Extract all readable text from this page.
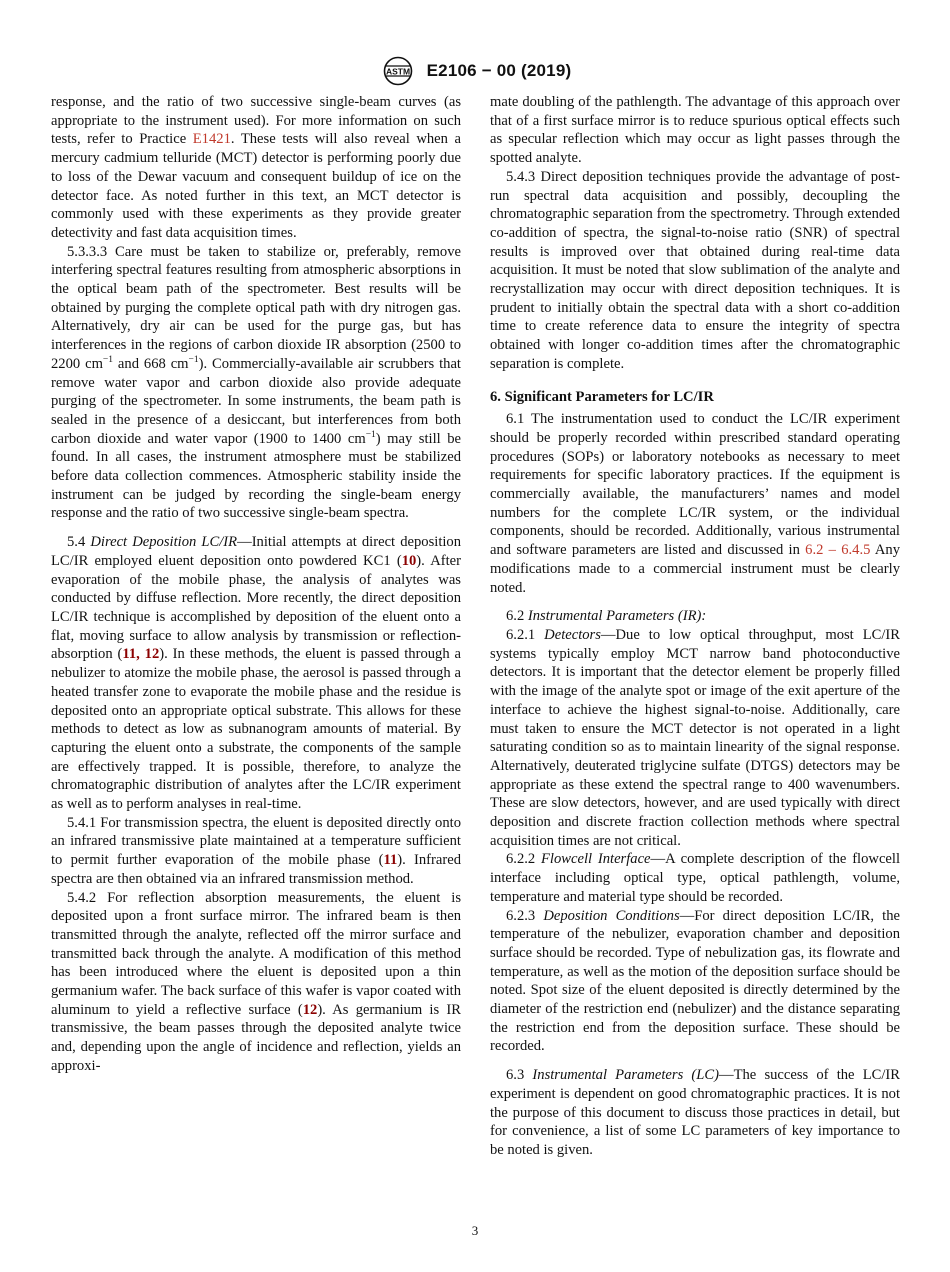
ASTM E2106 − 00 (2019)

response, and the ratio of two successive single-beam curves (as appropriate to the instrument used). For more information on such tests, refer to Practice E1421. These tests will also reveal when a mercury cadmium telluride (MCT) detector is performing poorly due to loss of the Dewar vacuum and consequent buildup of ice on the detector face. As noted further in this text, an MCT detector is commonly used with these experiments as they provide greater detectivity and fast data acquisition times.

5.3.3.3 Care must be taken to stabilize or, preferably, remove interfering spectral features resulting from atmospheric absorptions in the optical beam path of the spectrometer. Best results will be obtained by purging the complete optical path with dry nitrogen gas. Alternatively, dry air can be used for the purge gas, but has interferences in the regions of carbon dioxide IR absorption (2500 to 2200 $cm^{-1}$ and 668 $cm^{-1}$). Commercially-available air scrubbers that remove water vapor and carbon dioxide also provide adequate purging of the spectrometer. In some instruments, the beam path is sealed in the presence of a desiccant, but interferences from both carbon dioxide and water vapor (1900 to 1400 $cm^{-1}$) may still be found. In all cases, the instrument atmosphere must be stabilized before data collection commences. Atmospheric stability inside the instrument can be judged by recording the single-beam energy response and the ratio of two successive single-beam spectra.

5.4 Direct Deposition LC/IR—Initial attempts at direct deposition LC/IR employed eluent deposition onto powdered KC1 (10). After evaporation of the mobile phase, the analysis of analytes was conducted by diffuse reflection. More recently, the direct deposition LC/IR technique is accomplished by deposition of the eluent onto a flat, moving surface to allow analysis by transmission or reflection-absorption (11, 12). In these methods, the eluent is passed through a nebulizer to atomize the mobile phase, the aerosol is passed through a heated transfer zone to evaporate the mobile phase and the residue is deposited onto an appropriate optical substrate. This allows for these methods to detect as low as subnanogram amounts of material. By capturing the eluent onto a substrate, the components of the sample are effectively trapped. It is possible, therefore, to analyze the chromatographic distribution of analytes after the LC/IR experiment as well as to perform analyses in real-time.

5.4.1 For transmission spectra, the eluent is deposited directly onto an infrared transmissive plate maintained at a temperature sufficient to permit further evaporation of the mobile phase (11). Infrared spectra are then obtained via an infrared transmission method.

5.4.2 For reflection absorption measurements, the eluent is deposited upon a front surface mirror. The infrared beam is then transmitted through the analyte, reflected off the mirror surface and transmitted back through the analyte. A modification of this method has been introduced where the eluent is deposited upon a thin germanium wafer. The back surface of this wafer is vapor coated with aluminum to yield a reflective surface (12). As germanium is IR transmissive, the beam passes through the deposited analyte twice and, depending upon the angle of incidence and reflection, yields an approxi-

mate doubling of the pathlength. The advantage of this approach over that of a first surface mirror is to reduce spurious optical effects such as specular reflection which may occur as light passes through the spotted analyte.

5.4.3 Direct deposition techniques provide the advantage of post-run spectral data acquisition and possibly, decoupling the chromatographic separation from the spectrometry. Through extended co-addition of spectra, the signal-to-noise ratio (SNR) of spectral results is improved over that obtained during real-time data acquisition. It must be noted that slow sublimation of the analyte and recrystallization may occur with direct deposition techniques. It is prudent to initially obtain the spectral data with a short co-addition time to create reference data to ensure the integrity of spectra obtained with longer co-addition times after the chromatographic separation is complete.

6. Significant Parameters for LC/IR

6.1 The instrumentation used to conduct the LC/IR experiment should be properly recorded within prescribed standard operating procedures (SOPs) or laboratory notebooks as necessary to meet requirements for specific laboratory practices. If the equipment is commercially available, the manufacturers’ names and model numbers for the complete LC/IR system, or the individual components, should be recorded. Additionally, various instrumental and software parameters are listed and discussed in 6.2 – 6.4.5 Any modifications made to a commercial instrument must be clearly noted.

6.2 Instrumental Parameters (IR):

6.2.1 Detectors—Due to low optical throughput, most LC/IR systems typically employ MCT narrow band photoconductive detectors. It is important that the detector element be properly filled with the image of the analyte spot or image of the exit aperture of the interface to achieve the highest signal-to-noise. Additionally, care must taken to ensure the MCT detector is not operated in a light saturating condition so as to maintain linearity of the signal response. Alternatively, deuterated triglycine sulfate (DTGS) detectors may be appropriate as these extend the spectral range to 400 wavenumbers. These are slow detectors, however, and are used typically with direct deposition and discrete fraction collection methods where spectral acquisition times are not critical.

6.2.2 Flowcell Interface—A complete description of the flowcell interface including optical type, optical pathlength, volume, temperature and material type should be recorded.

6.2.3 Deposition Conditions—For direct deposition LC/IR, the temperature of the nebulizer, evaporation chamber and deposition surface should be recorded. Type of nebulization gas, its flowrate and temperature, as well as the motion of the deposition surface should be noted. Spot size of the eluent deposited is directly determined by the diameter of the restriction end (nebulizer) and the distance separating the restriction end from the deposition surface. These should be recorded.

6.3 Instrumental Parameters (LC)—The success of the LC/IR experiment is dependent on good chromatographic practices. It is not the purpose of this document to discuss those practices in detail, but for convenience, a list of some LC parameters of key importance to be noted is given.

3
